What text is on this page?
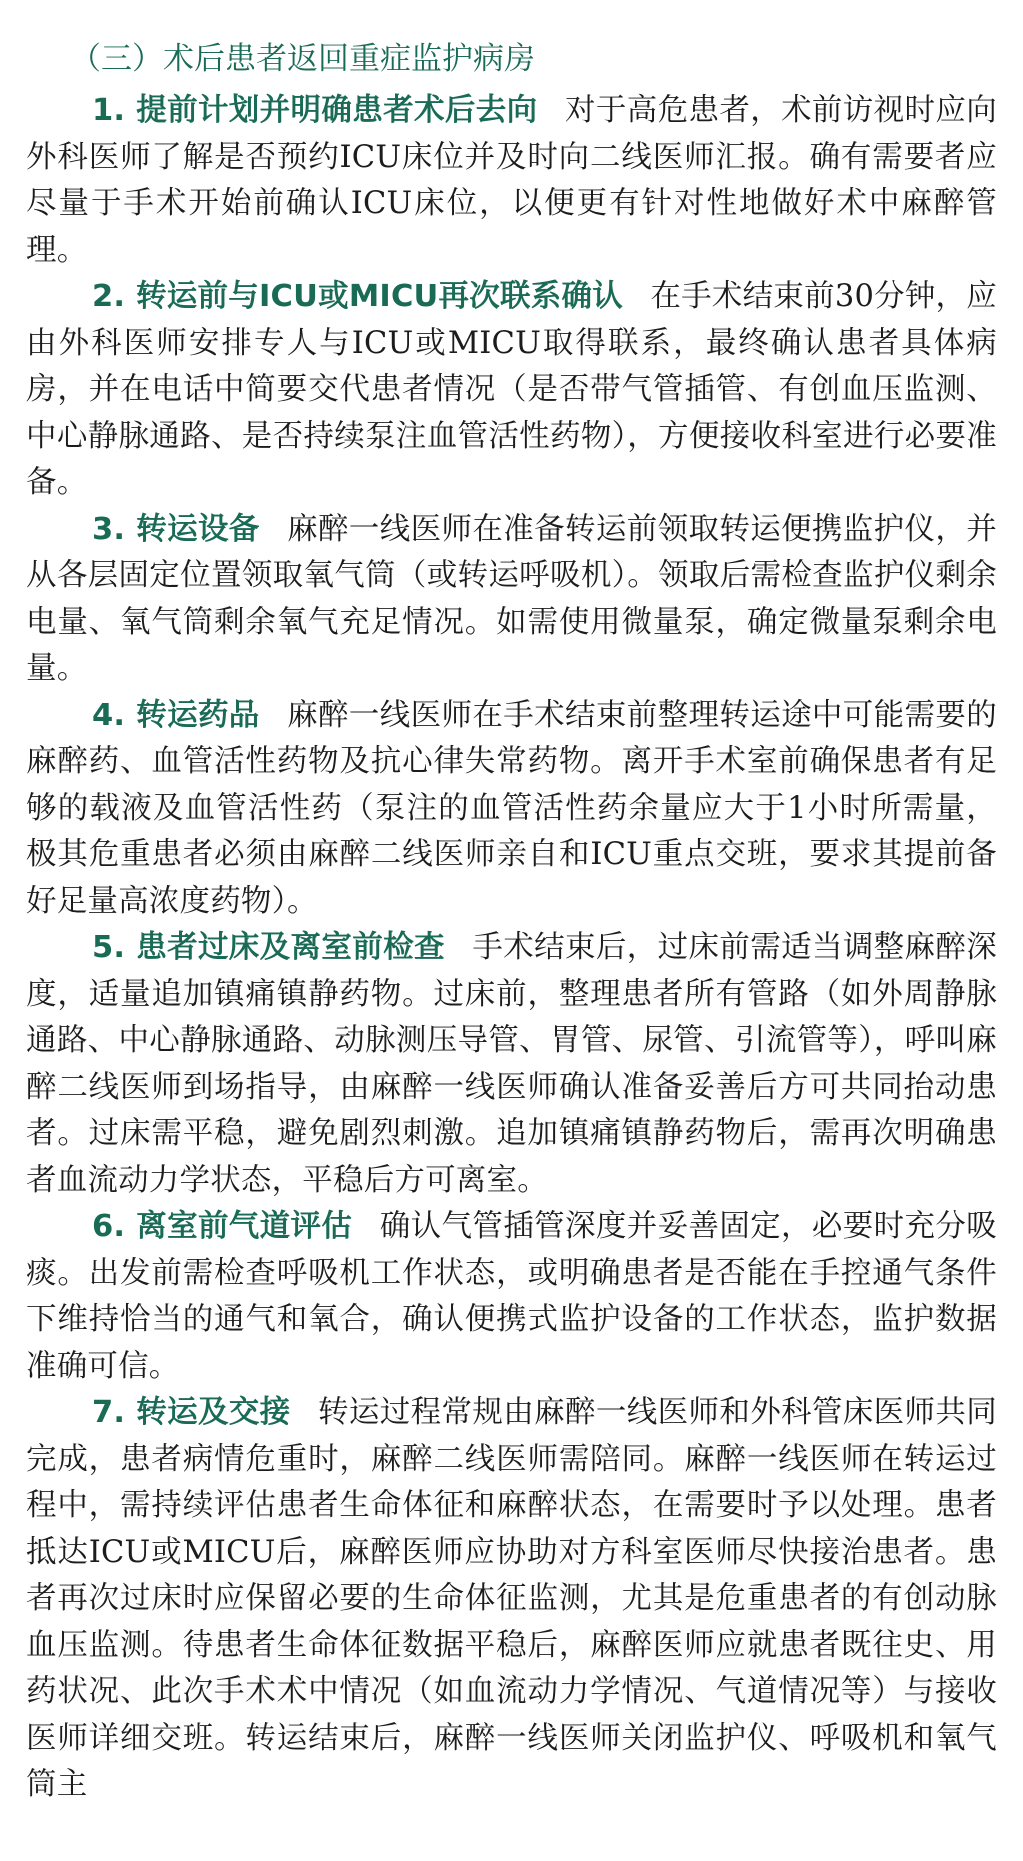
（三）术后患者返回重症监护病房

1. 提前计划并明确患者术后去向 对于高危患者，术前访视时应向外科医师了解是否预约ICU床位并及时向二线医师汇报。确有需要者应尽量于手术开始前确认ICU床位，以便更有针对性地做好术中麻醉管理。

2. 转运前与ICU或MICU再次联系确认 在手术结束前30分钟，应由外科医师安排专人与ICU或MICU取得联系，最终确认患者具体病房，并在电话中简要交代患者情况（是否带气管插管、有创血压监测、中心静脉通路、是否持续泵注血管活性药物），方便接收科室进行必要准备。

3. 转运设备 麻醉一线医师在准备转运前领取转运便携监护仪，并从各层固定位置领取氧气筒（或转运呼吸机）。领取后需检查监护仪剩余电量、氧气筒剩余氧气充足情况。如需使用微量泵，确定微量泵剩余电量。

4. 转运药品 麻醉一线医师在手术结束前整理转运途中可能需要的麻醉药、血管活性药物及抗心律失常药物。离开手术室前确保患者有足够的载液及血管活性药（泵注的血管活性药余量应大于1小时所需量，极其危重患者必须由麻醉二线医师亲自和ICU重点交班，要求其提前备好足量高浓度药物）。

5. 患者过床及离室前检查 手术结束后，过床前需适当调整麻醉深度，适量追加镇痛镇静药物。过床前，整理患者所有管路（如外周静脉通路、中心静脉通路、动脉测压导管、胃管、尿管、引流管等），呼叫麻醉二线医师到场指导，由麻醉一线医师确认准备妥善后方可共同抬动患者。过床需平稳，避免剧烈刺激。追加镇痛镇静药物后，需再次明确患者血流动力学状态，平稳后方可离室。

6. 离室前气道评估 确认气管插管深度并妥善固定，必要时充分吸痰。出发前需检查呼吸机工作状态，或明确患者是否能在手控通气条件下维持恰当的通气和氧合，确认便携式监护设备的工作状态，监护数据准确可信。

7. 转运及交接 转运过程常规由麻醉一线医师和外科管床医师共同完成，患者病情危重时，麻醉二线医师需陪同。麻醉一线医师在转运过程中，需持续评估患者生命体征和麻醉状态，在需要时予以处理。患者抵达ICU或MICU后，麻醉医师应协助对方科室医师尽快接治患者。患者再次过床时应保留必要的生命体征监测，尤其是危重患者的有创动脉血压监测。待患者生命体征数据平稳后，麻醉医师应就患者既往史、用药状况、此次手术术中情况（如血流动力学情况、气道情况等）与接收医师详细交班。转运结束后，麻醉一线医师关闭监护仪、呼吸机和氧气筒主
